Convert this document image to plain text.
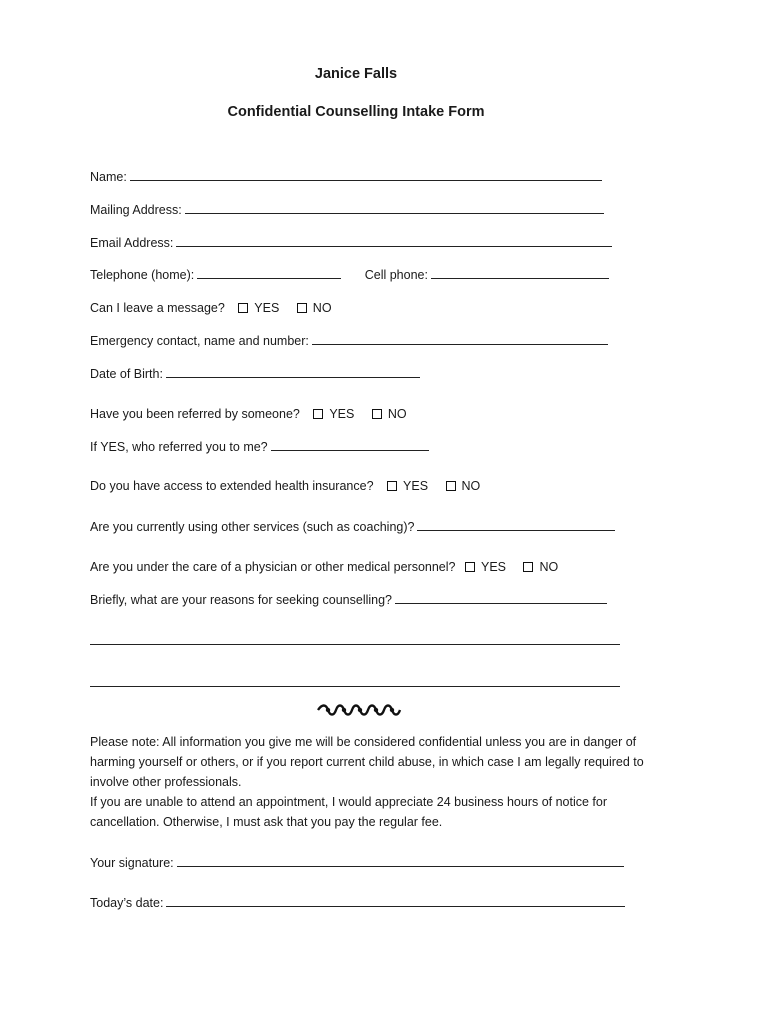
Janice Falls
Confidential Counselling Intake Form
Name:
Mailing Address:
Email Address:
Telephone (home):	Cell phone:
Can I leave a message? YES	NO
Emergency contact, name and number:
Date of Birth:
Have you been referred by someone? YES	NO
If YES, who referred you to me?
Do you have access to extended health insurance? YES	NO
Are you currently using other services (such as coaching)?
Are you under the care of a physician or other medical personnel? YES	NO
Briefly, what are your reasons for seeking counselling?

Please note: All information you give me will be considered confidential unless you are in danger of harming yourself or others, or if you report current child abuse, in which case I am legally required to involve other professionals.

If you are unable to attend an appointment, I would appreciate 24 business hours of notice for cancellation. Otherwise, I must ask that you pay the regular fee.

Your signature:
Today’s date:
